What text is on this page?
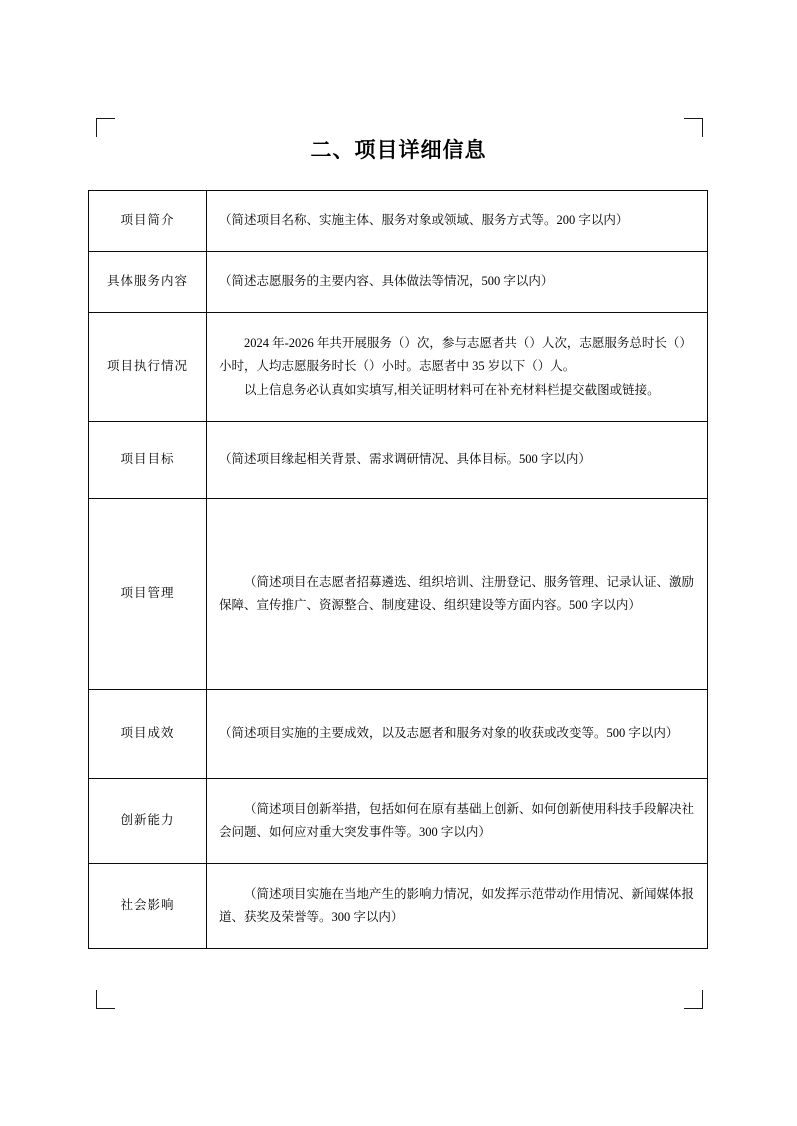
二、项目详细信息
项目简介	（简述项目名称、实施主体、服务对象或领域、服务方式等。200 字以内）

具体服务内容	（简述志愿服务的主要内容、具体做法等情况，500 字以内）

项目执行情况	2024 年-2026 年共开展服务（）次，参与志愿者共（）人次，志愿服务总时长（）小时，人均志愿服务时长（）小时。志愿者中 35 岁以下（）人。

以上信息务必认真如实填写,相关证明材料可在补充材料栏提交截图或链接。

项目目标	（简述项目缘起相关背景、需求调研情况、具体目标。500 字以内）

项目管理	（简述项目在志愿者招募遴选、组织培训、注册登记、服务管理、记录认证、激励保障、宣传推广、资源整合、制度建设、组织建设等方面内容。500 字以内）

项目成效	（简述项目实施的主要成效，以及志愿者和服务对象的收获或改变等。500 字以内）

创新能力	（简述项目创新举措，包括如何在原有基础上创新、如何创新使用科技手段解决社会问题、如何应对重大突发事件等。300 字以内）

社会影响	（简述项目实施在当地产生的影响力情况，如发挥示范带动作用情况、新闻媒体报道、获奖及荣誉等。300 字以内）
